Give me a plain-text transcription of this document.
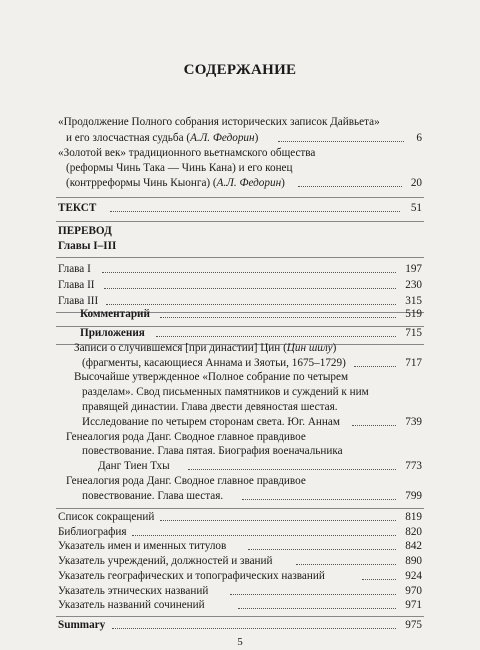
СОДЕРЖАНИЕ
«Продолжение Полного собрания исторических записок Дайвьета»
и его злосчастная судьба (А.Л. Федорин)	6
«Золотой век» традиционного вьетнамского общества
(реформы Чинь Така — Чинь Кана) и его конец
(контрреформы Чинь Кыонга) (А.Л. Федорин)	20
ТЕКСТ	51
ПЕРЕВОД
Главы I–III
Глава I	197
Глава II	230
Глава III	315
Комментарий	519
Приложения	715
Записи о случившемся [при династии] Цин (Цин шилу)
(фрагменты, касающиеся Аннама и Зяотьи, 1675–1729)	717
Высочайше утвержденное «Полное собрание по четырем
разделам». Свод письменных памятников и суждений к ним
правящей династии. Глава двести девяностая шестая.
Исследование по четырем сторонам света. Юг. Аннам	739
Генеалогия рода Данг. Сводное главное правдивое
повествование. Глава пятая. Биография военачальника
Данг Тиен Тхы	773
Генеалогия рода Данг. Сводное главное правдивое
повествование. Глава шестая.	799
Список сокращений	819
Библиография	820
Указатель имен и именных титулов	842
Указатель учреждений, должностей и званий	890
Указатель географических и топографических названий	924
Указатель этнических названий	970
Указатель названий сочинений	971
Summary	975
5
